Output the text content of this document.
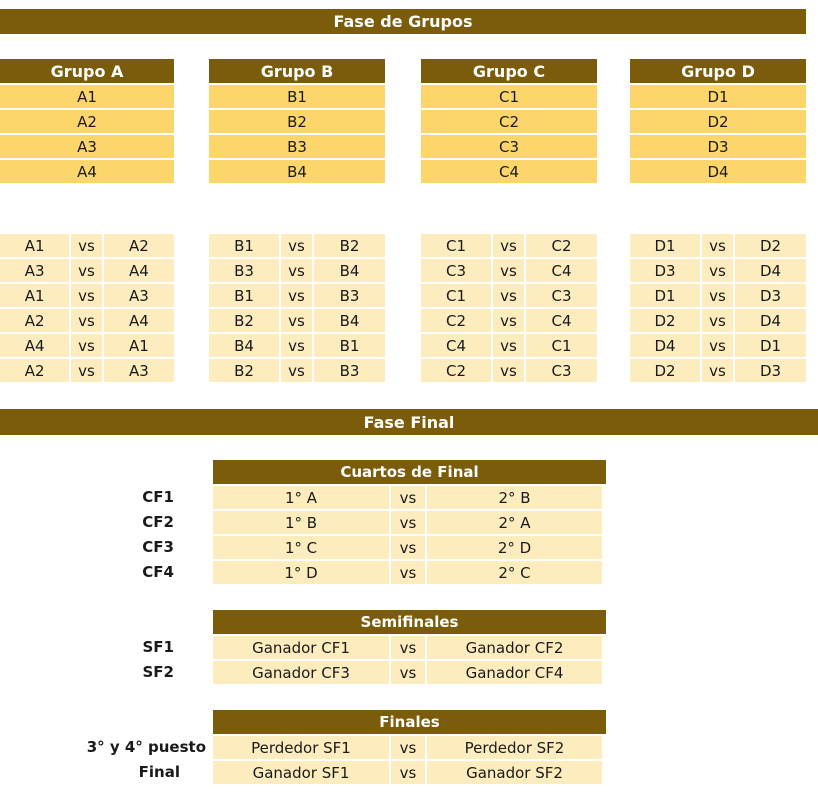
Fase de Grupos
Grupo A
A1
A2
A3
A4
Grupo B
B1
B2
B3
B4
Grupo C
C1
C2
C3
C4
Grupo D
D1
D2
D3
D4
A1	vs	A2
A3	vs	A4
A1	vs	A3
A2	vs	A4
A4	vs	A1
A2	vs	A3
B1	vs	B2
B3	vs	B4
B1	vs	B3
B2	vs	B4
B4	vs	B1
B2	vs	B3
C1	vs	C2
C3	vs	C4
C1	vs	C3
C2	vs	C4
C4	vs	C1
C2	vs	C3
D1	vs	D2
D3	vs	D4
D1	vs	D3
D2	vs	D4
D4	vs	D1
D2	vs	D3
Fase Final
CF1
CF2
CF3
CF4
Cuartos de Final
1° A	vs	2° B
1° B	vs	2° A
1° C	vs	2° D
1° D	vs	2° C
SF1
SF2
Semifinales
Ganador CF1	vs	Ganador CF2
Ganador CF3	vs	Ganador CF4
3° y 4° puesto
Final
Finales
Perdedor SF1	vs	Perdedor SF2
Ganador SF1	vs	Ganador SF2
